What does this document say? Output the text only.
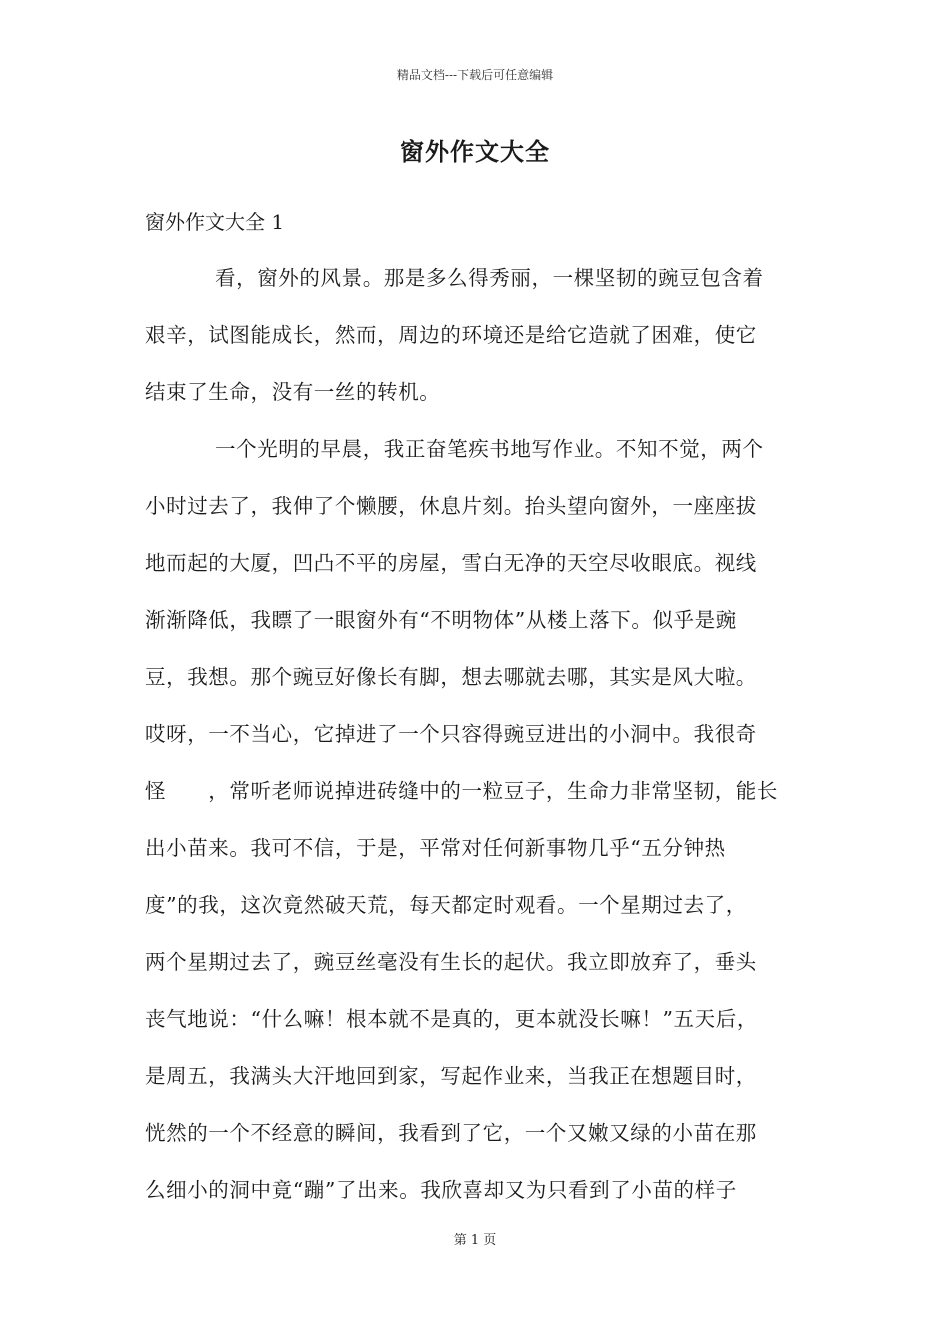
精品文档---下载后可任意编辑
窗外作文大全
窗外作文大全 1
看，窗外的风景。那是多么得秀丽，一棵坚韧的豌豆包含着
艰辛，试图能成长，然而，周边的环境还是给它造就了困难，使它
结束了生命，没有一丝的转机。
一个光明的早晨，我正奋笔疾书地写作业。不知不觉，两个
小时过去了，我伸了个懒腰，休息片刻。抬头望向窗外，一座座拔
地而起的大厦，凹凸不平的房屋，雪白无净的天空尽收眼底。视线
渐渐降低，我瞟了一眼窗外有“不明物体”从楼上落下。似乎是豌
豆，我想。那个豌豆好像长有脚，想去哪就去哪，其实是风大啦。
哎呀，一不当心，它掉进了一个只容得豌豆进出的小洞中。我很奇
怪　　，常听老师说掉进砖缝中的一粒豆子，生命力非常坚韧，能长
出小苗来。我可不信，于是，平常对任何新事物几乎“五分钟热
度”的我，这次竟然破天荒，每天都定时观看。一个星期过去了，
两个星期过去了，豌豆丝毫没有生长的起伏。我立即放弃了，垂头
丧气地说：“什么嘛！根本就不是真的，更本就没长嘛！”五天后，
是周五，我满头大汗地回到家，写起作业来，当我正在想题目时，
恍然的一个不经意的瞬间，我看到了它，一个又嫩又绿的小苗在那
么细小的洞中竟“蹦”了出来。我欣喜却又为只看到了小苗的样子
第 1 页
